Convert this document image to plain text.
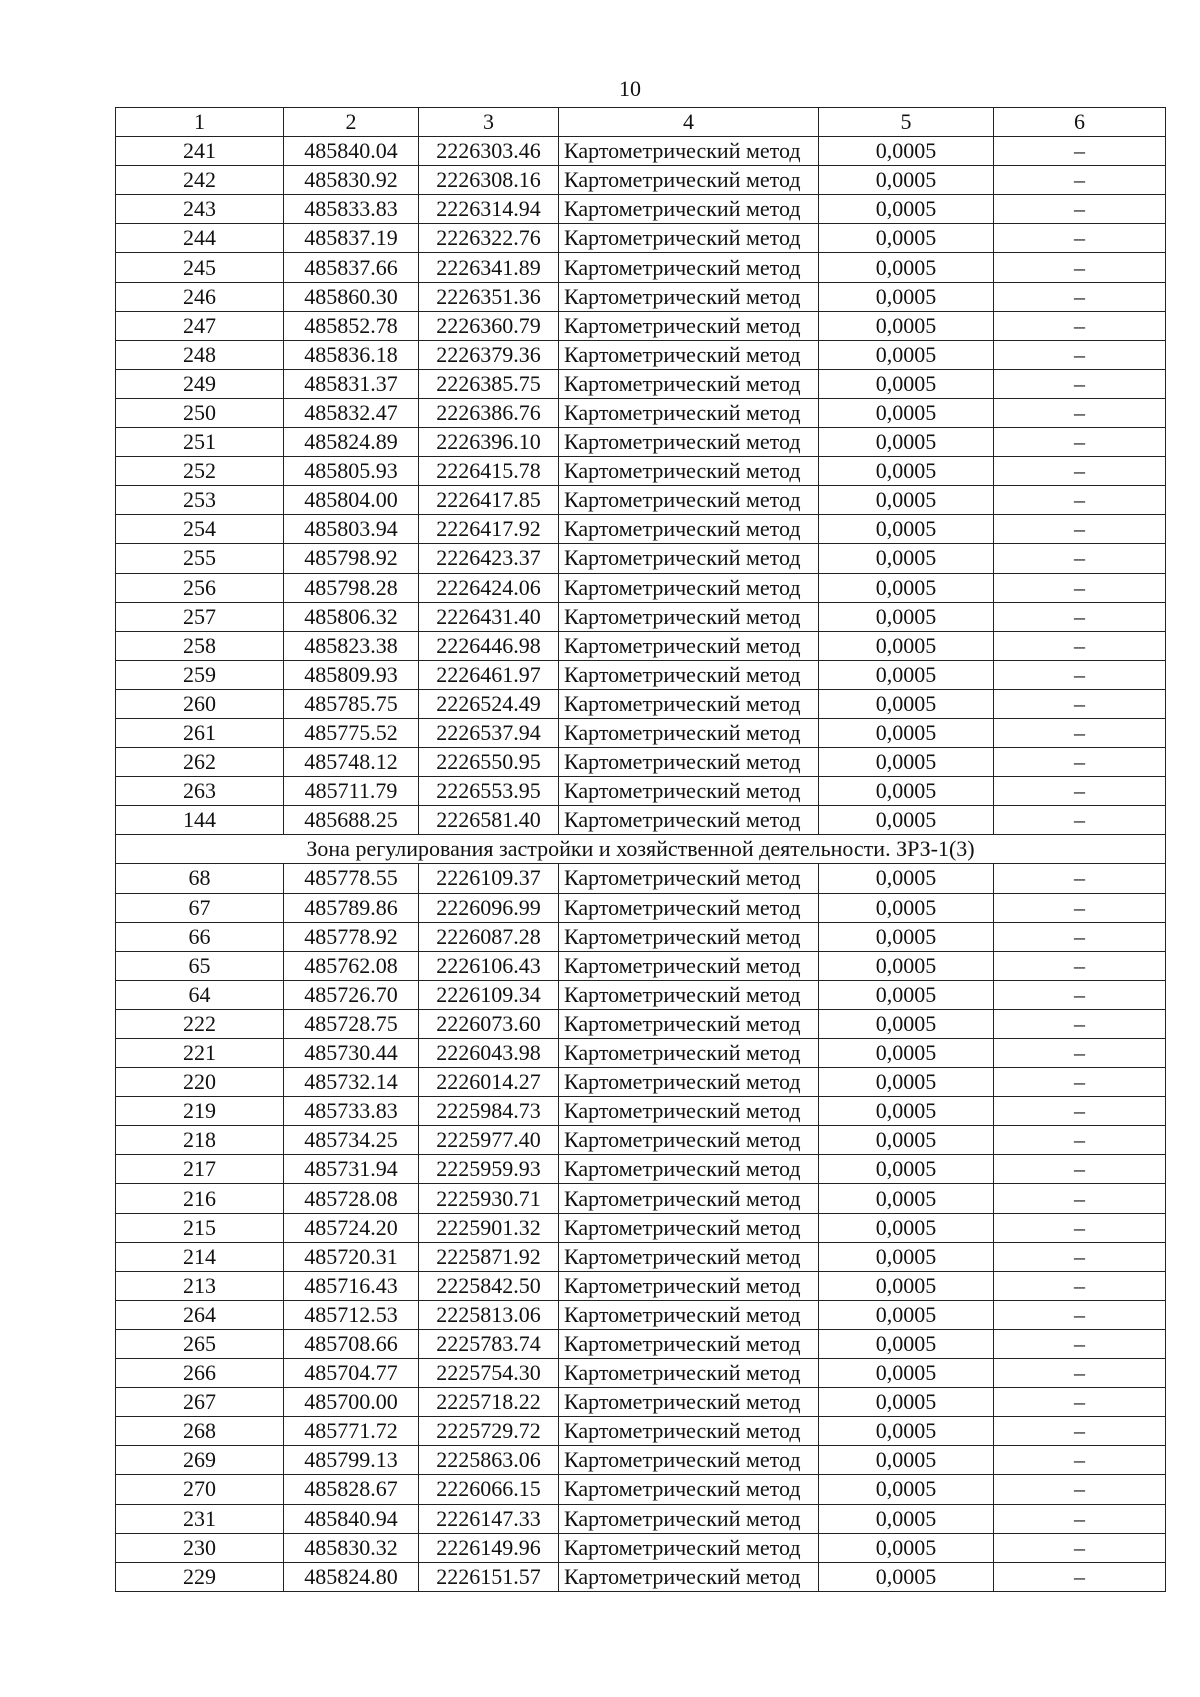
10
1	2	3	4	5	6
241	485840.04	2226303.46	Картометрический метод	0,0005	–
242	485830.92	2226308.16	Картометрический метод	0,0005	–
243	485833.83	2226314.94	Картометрический метод	0,0005	–
244	485837.19	2226322.76	Картометрический метод	0,0005	–
245	485837.66	2226341.89	Картометрический метод	0,0005	–
246	485860.30	2226351.36	Картометрический метод	0,0005	–
247	485852.78	2226360.79	Картометрический метод	0,0005	–
248	485836.18	2226379.36	Картометрический метод	0,0005	–
249	485831.37	2226385.75	Картометрический метод	0,0005	–
250	485832.47	2226386.76	Картометрический метод	0,0005	–
251	485824.89	2226396.10	Картометрический метод	0,0005	–
252	485805.93	2226415.78	Картометрический метод	0,0005	–
253	485804.00	2226417.85	Картометрический метод	0,0005	–
254	485803.94	2226417.92	Картометрический метод	0,0005	–
255	485798.92	2226423.37	Картометрический метод	0,0005	–
256	485798.28	2226424.06	Картометрический метод	0,0005	–
257	485806.32	2226431.40	Картометрический метод	0,0005	–
258	485823.38	2226446.98	Картометрический метод	0,0005	–
259	485809.93	2226461.97	Картометрический метод	0,0005	–
260	485785.75	2226524.49	Картометрический метод	0,0005	–
261	485775.52	2226537.94	Картометрический метод	0,0005	–
262	485748.12	2226550.95	Картометрический метод	0,0005	–
263	485711.79	2226553.95	Картометрический метод	0,0005	–
144	485688.25	2226581.40	Картометрический метод	0,0005	–
Зона регулирования застройки и хозяйственной деятельности. ЗРЗ-1(3)					
68	485778.55	2226109.37	Картометрический метод	0,0005	–
67	485789.86	2226096.99	Картометрический метод	0,0005	–
66	485778.92	2226087.28	Картометрический метод	0,0005	–
65	485762.08	2226106.43	Картометрический метод	0,0005	–
64	485726.70	2226109.34	Картометрический метод	0,0005	–
222	485728.75	2226073.60	Картометрический метод	0,0005	–
221	485730.44	2226043.98	Картометрический метод	0,0005	–
220	485732.14	2226014.27	Картометрический метод	0,0005	–
219	485733.83	2225984.73	Картометрический метод	0,0005	–
218	485734.25	2225977.40	Картометрический метод	0,0005	–
217	485731.94	2225959.93	Картометрический метод	0,0005	–
216	485728.08	2225930.71	Картометрический метод	0,0005	–
215	485724.20	2225901.32	Картометрический метод	0,0005	–
214	485720.31	2225871.92	Картометрический метод	0,0005	–
213	485716.43	2225842.50	Картометрический метод	0,0005	–
264	485712.53	2225813.06	Картометрический метод	0,0005	–
265	485708.66	2225783.74	Картометрический метод	0,0005	–
266	485704.77	2225754.30	Картометрический метод	0,0005	–
267	485700.00	2225718.22	Картометрический метод	0,0005	–
268	485771.72	2225729.72	Картометрический метод	0,0005	–
269	485799.13	2225863.06	Картометрический метод	0,0005	–
270	485828.67	2226066.15	Картометрический метод	0,0005	–
231	485840.94	2226147.33	Картометрический метод	0,0005	–
230	485830.32	2226149.96	Картометрический метод	0,0005	–
229	485824.80	2226151.57	Картометрический метод	0,0005	–
